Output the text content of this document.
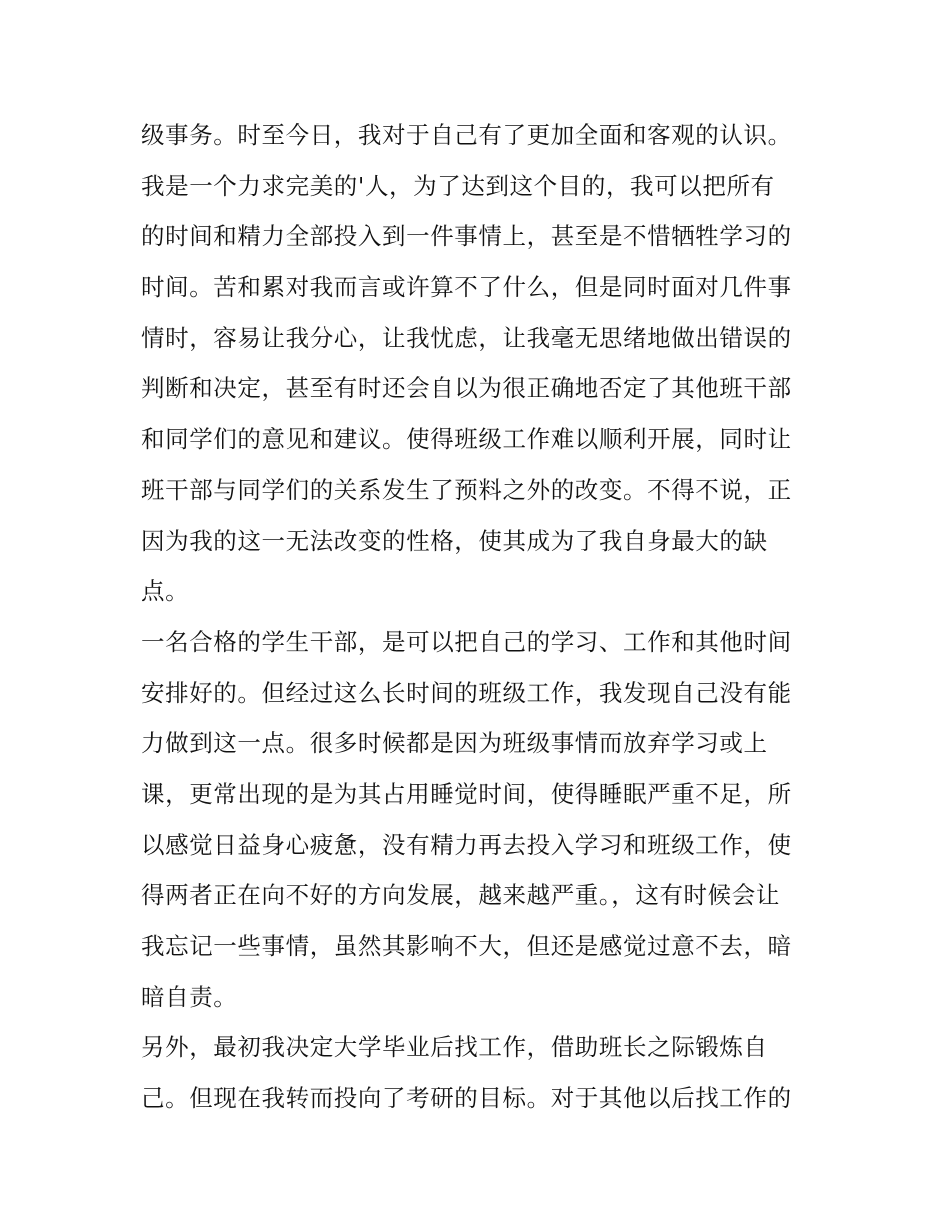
级事务。时至今日，我对于自己有了更加全面和客观的认识。
我是一个力求完美的'人，为了达到这个目的，我可以把所有
的时间和精力全部投入到一件事情上，甚至是不惜牺牲学习的
时间。苦和累对我而言或许算不了什么，但是同时面对几件事
情时，容易让我分心，让我忧虑，让我毫无思绪地做出错误的
判断和决定，甚至有时还会自以为很正确地否定了其他班干部
和同学们的意见和建议。使得班级工作难以顺利开展，同时让
班干部与同学们的关系发生了预料之外的改变。不得不说，正
因为我的这一无法改变的性格，使其成为了我自身最大的缺
点。
一名合格的学生干部，是可以把自己的学习、工作和其他时间
安排好的。但经过这么长时间的班级工作，我发现自己没有能
力做到这一点。很多时候都是因为班级事情而放弃学习或上
课，更常出现的是为其占用睡觉时间，使得睡眠严重不足，所
以感觉日益身心疲惫，没有精力再去投入学习和班级工作，使
得两者正在向不好的方向发展，越来越严重。，这有时候会让
我忘记一些事情，虽然其影响不大，但还是感觉过意不去，暗
暗自责。
另外，最初我决定大学毕业后找工作，借助班长之际锻炼自
己。但现在我转而投向了考研的目标。对于其他以后找工作的
